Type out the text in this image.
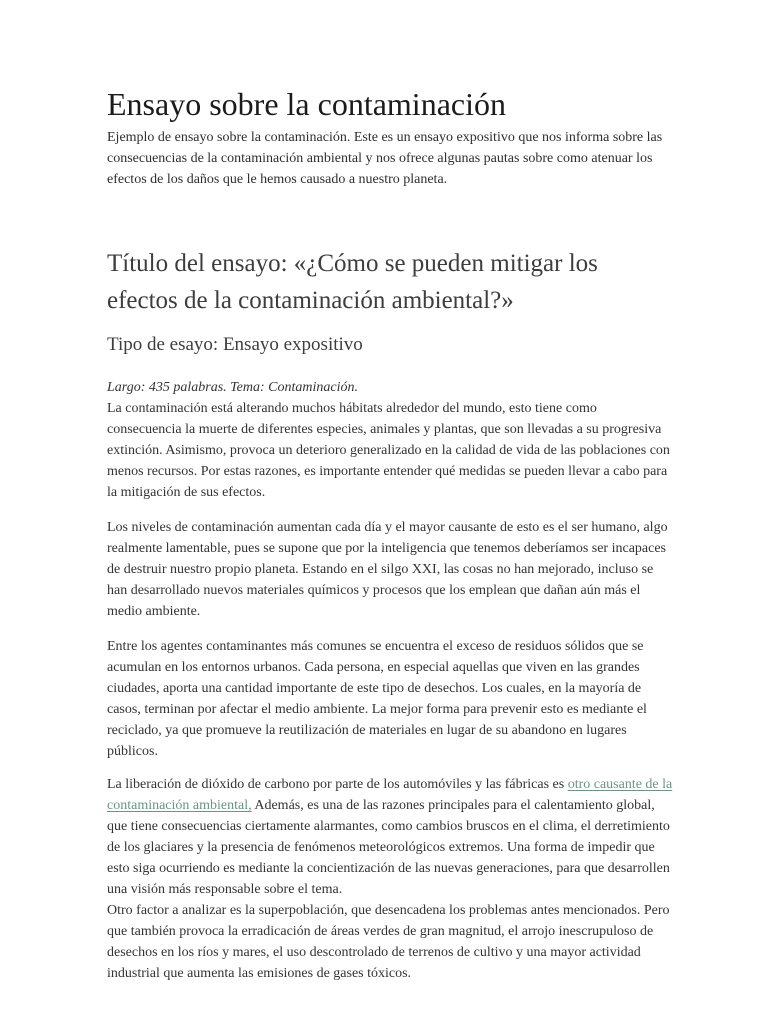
Ensayo sobre la contaminación

Ejemplo de ensayo sobre la contaminación. Este es un ensayo expositivo que nos informa sobre las consecuencias de la contaminación ambiental y nos ofrece algunas pautas sobre como atenuar los efectos de los daños que le hemos causado a nuestro planeta.

Título del ensayo: «¿Cómo se pueden mitigar los efectos de la contaminación ambiental?»
Tipo de esayo: Ensayo expositivo

Largo: 435 palabras. Tema: Contaminación.

La contaminación está alterando muchos hábitats alrededor del mundo, esto tiene como consecuencia la muerte de diferentes especies, animales y plantas, que son llevadas a su progresiva extinción. Asimismo, provoca un deterioro generalizado en la calidad de vida de las poblaciones con menos recursos. Por estas razones, es importante entender qué medidas se pueden llevar a cabo para la mitigación de sus efectos.

Los niveles de contaminación aumentan cada día y el mayor causante de esto es el ser humano, algo realmente lamentable, pues se supone que por la inteligencia que tenemos deberíamos ser incapaces de destruir nuestro propio planeta. Estando en el silgo XXI, las cosas no han mejorado, incluso se han desarrollado nuevos materiales químicos y procesos que los emplean que dañan aún más el medio ambiente.

Entre los agentes contaminantes más comunes se encuentra el exceso de residuos sólidos que se acumulan en los entornos urbanos. Cada persona, en especial aquellas que viven en las grandes ciudades, aporta una cantidad importante de este tipo de desechos. Los cuales, en la mayoría de casos, terminan por afectar el medio ambiente. La mejor forma para prevenir esto es mediante el reciclado, ya que promueve la reutilización de materiales en lugar de su abandono en lugares públicos.

La liberación de dióxido de carbono por parte de los automóviles y las fábricas es otro causante de la contaminación ambiental, Además, es una de las razones principales para el calentamiento global, que tiene consecuencias ciertamente alarmantes, como cambios bruscos en el clima, el derretimiento de los glaciares y la presencia de fenómenos meteorológicos extremos. Una forma de impedir que esto siga ocurriendo es mediante la concientización de las nuevas generaciones, para que desarrollen una visión más responsable sobre el tema.
Otro factor a analizar es la superpoblación, que desencadena los problemas antes mencionados. Pero que también provoca la erradicación de áreas verdes de gran magnitud, el arrojo inescrupuloso de desechos en los ríos y mares, el uso descontrolado de terrenos de cultivo y una mayor actividad industrial que aumenta las emisiones de gases tóxicos.
